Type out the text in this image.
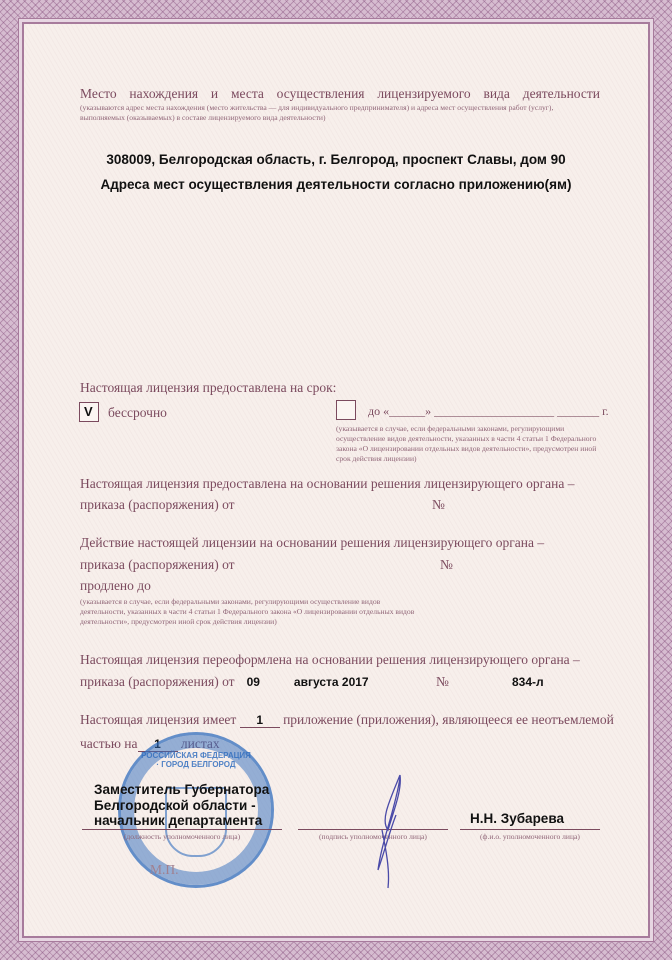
Место нахождения и места осуществления лицензируемого вида деятельности
(указываются адрес места нахождения (место жительства — для индивидуального предпринимателя) и адреса мест осуществления работ (услуг), выполняемых (оказываемых) в составе лицензируемого вида деятельности)
308009, Белгородская область, г. Белгород, проспект Славы, дом 90
Адреса мест осуществления деятельности согласно приложению(ям)
Настоящая лицензия предоставлена на срок:
V бессрочно	до «______» ____________________ _______ г.
(указывается в случае, если федеральными законами, регулирующими осуществление видов деятельности, указанных в части 4 статьи 1 Федерального закона «О лицензировании отдельных видов деятельности», предусмотрен иной срок действия лицензии)
Настоящая лицензия предоставлена на основании решения лицензирующего органа –
приказа (распоряжения) от	№
Действие настоящей лицензии на основании решения лицензирующего органа –
приказа (распоряжения) от	№
продлено до
(указывается в случае, если федеральными законами, регулирующими осуществление видов деятельности, указанных в части 4 статьи 1 Федерального закона «О лицензировании отдельных видов деятельности», предусмотрен иной срок действия лицензии)
Настоящая лицензия переоформлена на основании решения лицензирующего органа –
приказа (распоряжения) от 09	августа 2017	№	834-л
Настоящая лицензия имеет 1 приложение (приложения), являющееся ее неотъемлемой
частью на 1 листах
РОССИЙСКАЯ ФЕДЕРАЦИЯ · ГОРОД БЕЛГОРОД
Заместитель Губернатора
Белгородской области -
начальник департамента
(должность уполномоченного лица)	(подпись уполномоченного лица)
Н.Н. Зубарева
(ф.и.о. уполномоченного лица)
М.П.
